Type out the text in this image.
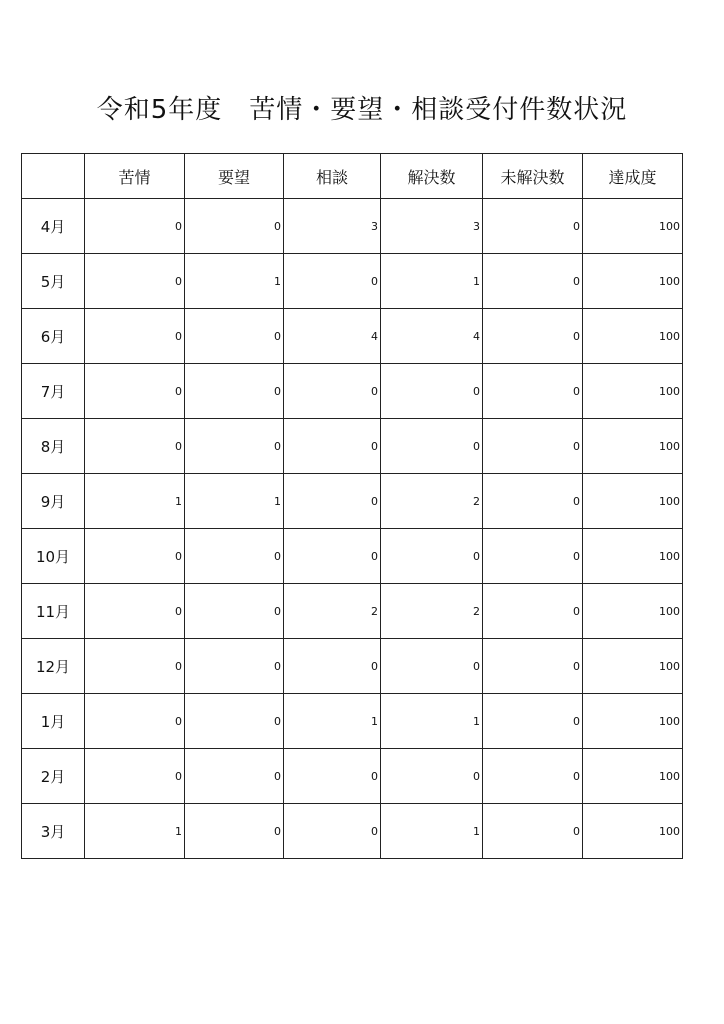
令和5年度　苦情・要望・相談受付件数状況
	苦情	要望	相談	解決数	未解決数	達成度
4月	0	0	3	3	0	100
5月	0	1	0	1	0	100
6月	0	0	4	4	0	100
7月	0	0	0	0	0	100
8月	0	0	0	0	0	100
9月	1	1	0	2	0	100
10月	0	0	0	0	0	100
11月	0	0	2	2	0	100
12月	0	0	0	0	0	100
1月	0	0	1	1	0	100
2月	0	0	0	0	0	100
3月	1	0	0	1	0	100
